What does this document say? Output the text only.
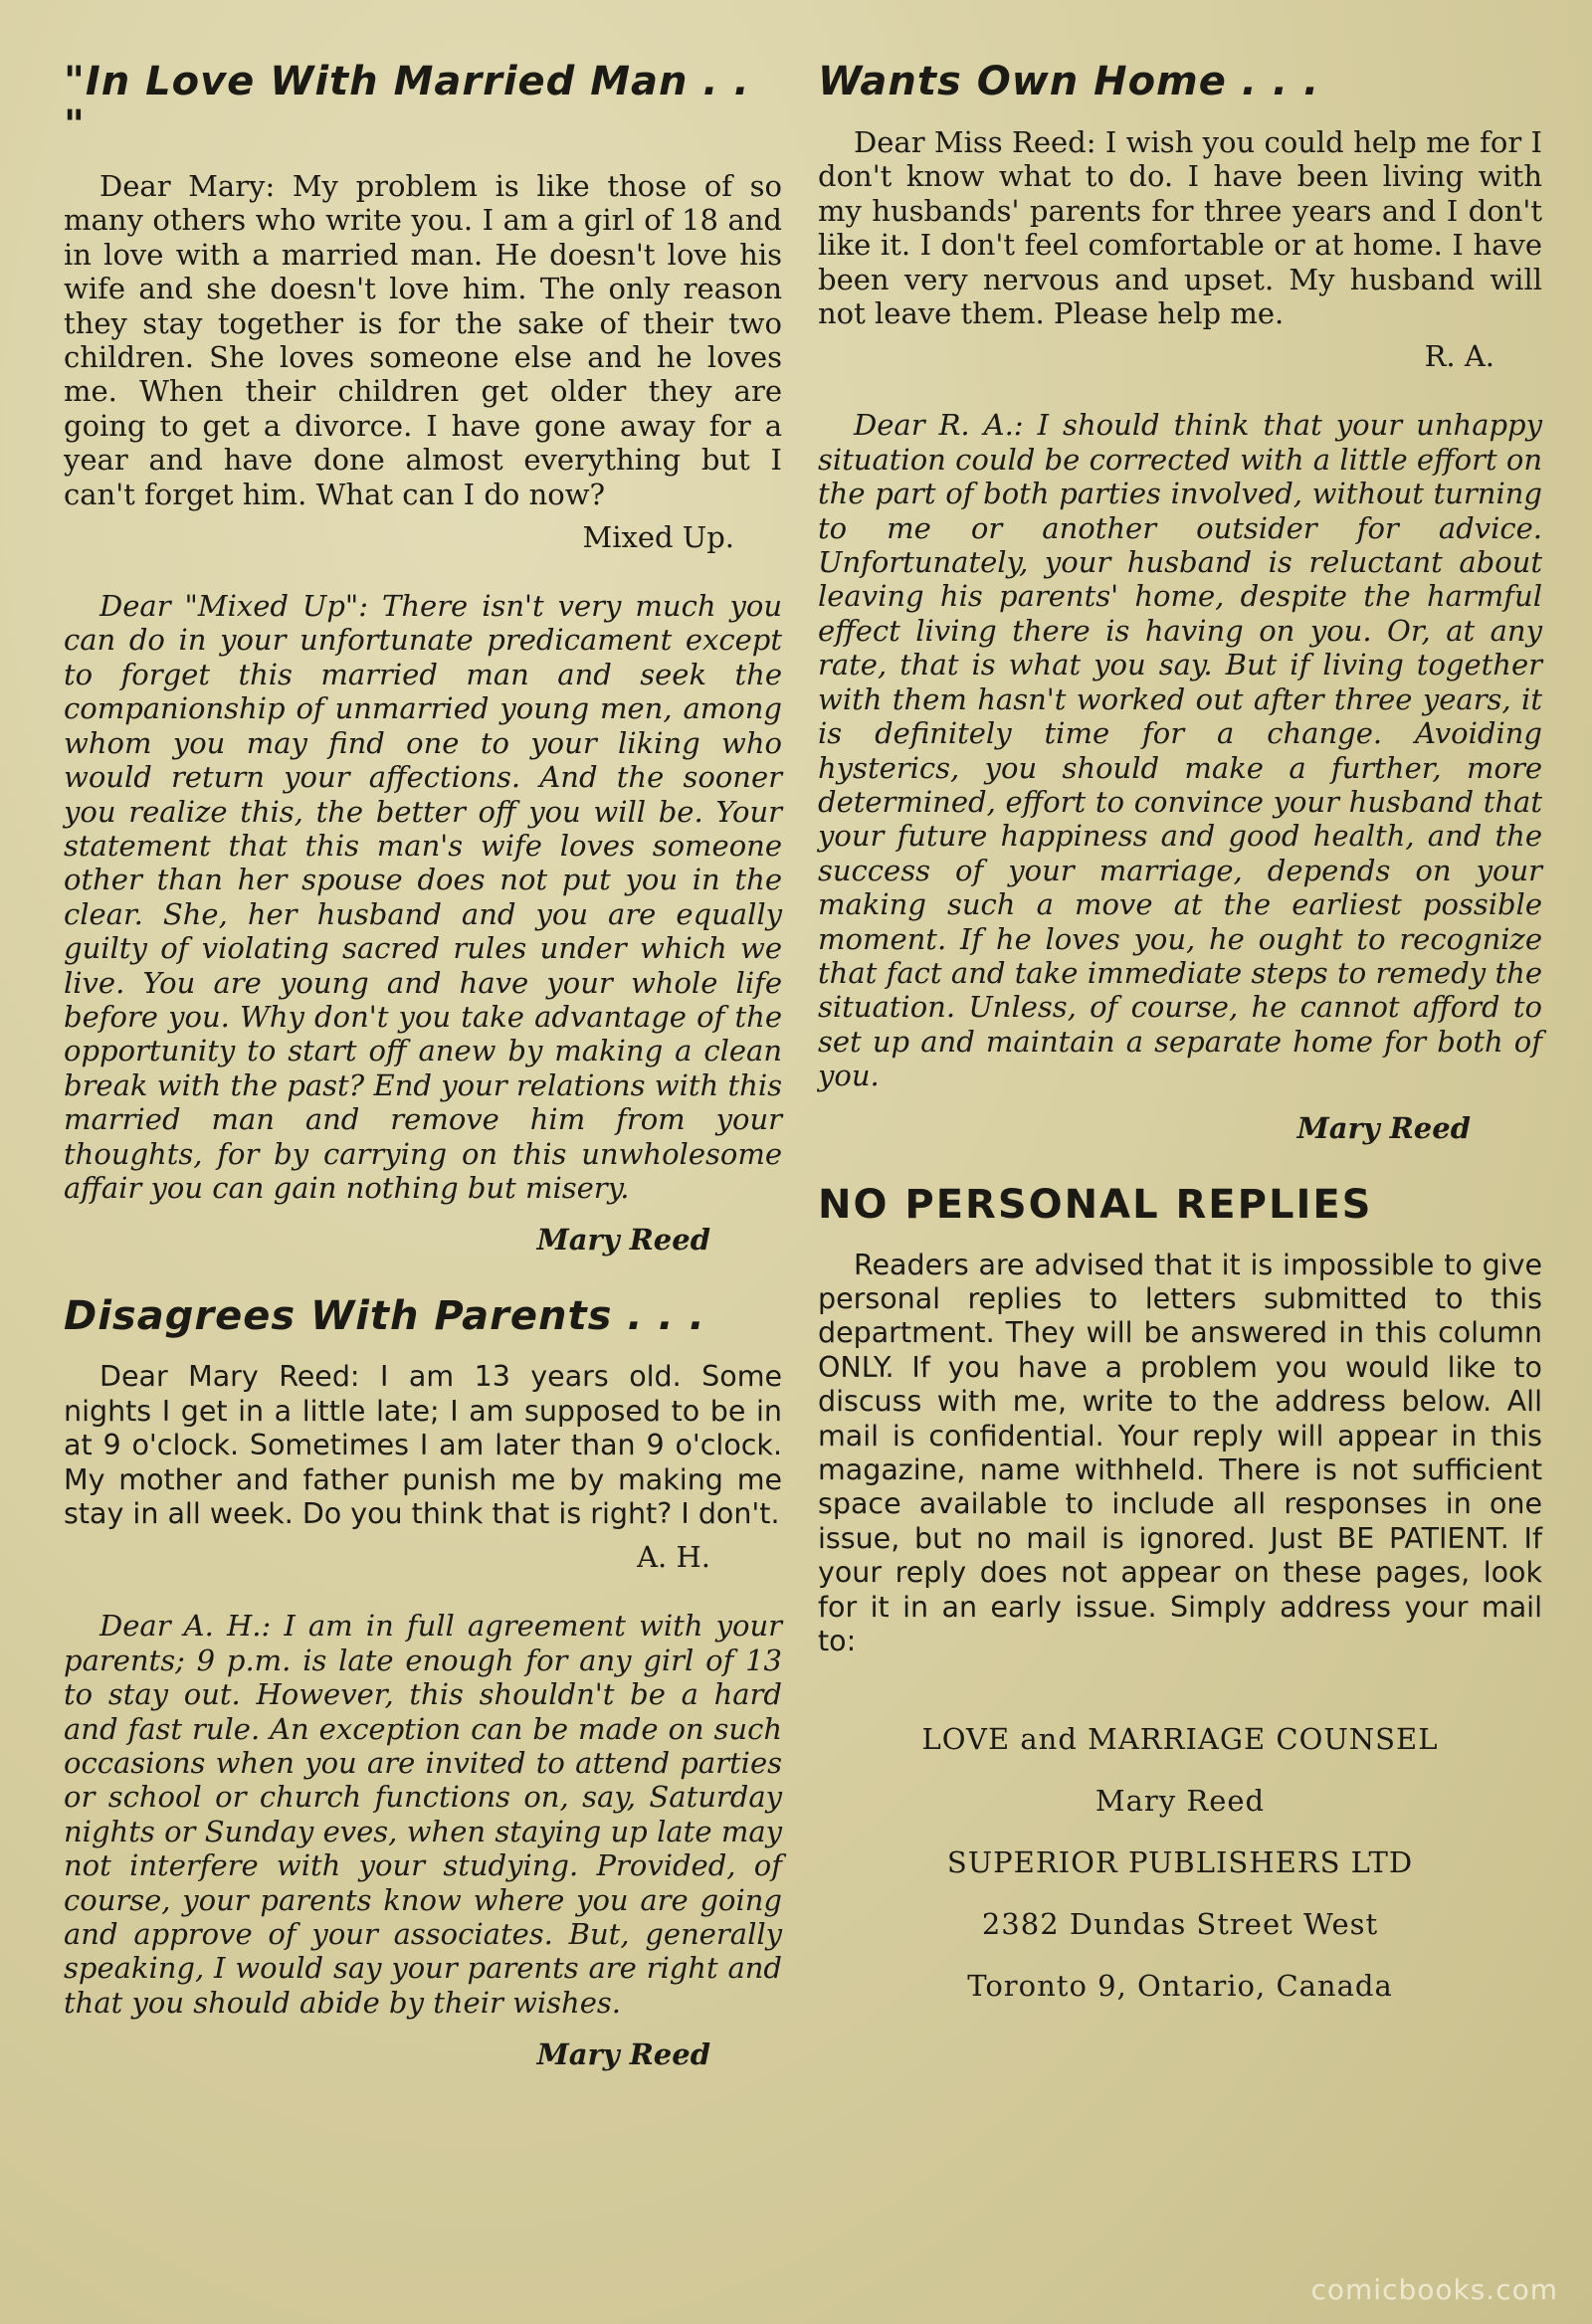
"In Love With Married Man . . "

Dear Mary: My problem is like those of so many others who write you. I am a girl of 18 and in love with a married man. He doesn't love his wife and she doesn't love him. The only reason they stay together is for the sake of their two children. She loves someone else and he loves me. When their children get older they are going to get a divorce. I have gone away for a year and have done almost everything but I can't forget him. What can I do now?

Mixed Up.

Dear "Mixed Up": There isn't very much you can do in your unfortunate predicament except to forget this married man and seek the companionship of unmarried young men, among whom you may find one to your liking who would return your affections. And the sooner you realize this, the better off you will be. Your statement that this man's wife loves someone other than her spouse does not put you in the clear. She, her husband and you are equally guilty of violating sacred rules under which we live. You are young and have your whole life before you. Why don't you take advantage of the opportunity to start off anew by making a clean break with the past? End your relations with this married man and remove him from your thoughts, for by carrying on this unwholesome affair you can gain nothing but misery.

Mary Reed
Disagrees With Parents . . .

Dear Mary Reed: I am 13 years old. Some nights I get in a little late; I am supposed to be in at 9 o'clock. Sometimes I am later than 9 o'clock. My mother and father punish me by making me stay in all week. Do you think that is right? I don't.

A. H.

Dear A. H.: I am in full agreement with your parents; 9 p.m. is late enough for any girl of 13 to stay out. However, this shouldn't be a hard and fast rule. An exception can be made on such occasions when you are invited to attend parties or school or church functions on, say, Saturday nights or Sunday eves, when staying up late may not interfere with your studying. Provided, of course, your parents know where you are going and approve of your associates. But, generally speaking, I would say your parents are right and that you should abide by their wishes.

Mary Reed
Wants Own Home . . .

Dear Miss Reed: I wish you could help me for I don't know what to do. I have been living with my husbands' parents for three years and I don't like it. I don't feel comfortable or at home. I have been very nervous and upset. My husband will not leave them. Please help me.

R. A.

Dear R. A.: I should think that your unhappy situation could be corrected with a little effort on the part of both parties involved, without turning to me or another outsider for advice. Unfortunately, your husband is reluctant about leaving his parents' home, despite the harmful effect living there is having on you. Or, at any rate, that is what you say. But if living together with them hasn't worked out after three years, it is definitely time for a change. Avoiding hysterics, you should make a further, more determined, effort to convince your husband that your future happiness and good health, and the success of your marriage, depends on your making such a move at the earliest possible moment. If he loves you, he ought to recognize that fact and take immediate steps to remedy the situation. Unless, of course, he cannot afford to set up and maintain a separate home for both of you.

Mary Reed
NO PERSONAL REPLIES

Readers are advised that it is impossible to give personal replies to letters submitted to this department. They will be answered in this column ONLY. If you have a problem you would like to discuss with me, write to the address below. All mail is confidential. Your reply will appear in this magazine, name withheld. There is not sufficient space available to include all responses in one issue, but no mail is ignored. Just BE PATIENT. If your reply does not appear on these pages, look for it in an early issue. Simply address your mail to:

LOVE and MARRIAGE COUNSEL

Mary Reed

SUPERIOR PUBLISHERS LTD

2382 Dundas Street West

Toronto 9, Ontario, Canada

comicbooks.com
